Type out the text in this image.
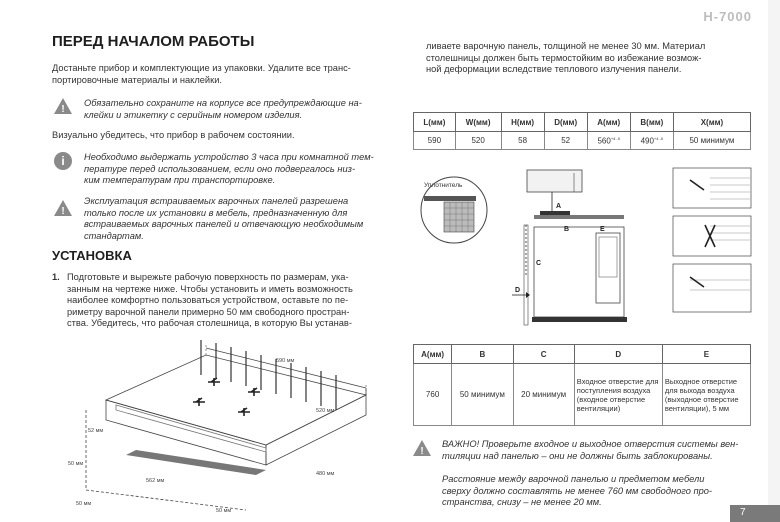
H-7000
ПЕРЕД НАЧАЛОМ РАБОТЫ
Достаньте прибор и комплектующие из упаковки. Удалите все транс-
портировочные материалы и наклейки.
!
Обязательно сохраните на корпусе все предупреждающие на-
клейки и этикетку с серийным номером изделия.
Визуально убедитесь, что прибор в рабочем состоянии.
i	Необходимо выдержать устройство 3 часа при комнатной тем-
пературе перед использованием, если оно подвергалось низ-
ким температурам при транспортировке.
!
Эксплуатация встраиваемых варочных панелей разрешена
только после их установки в мебель, предназначенную для
встраиваемых варочных панелей и отвечающую необходимым
стандартам.
УСТАНОВКА
1. Подготовьте и вырежьте рабочую поверхность по размерам, ука-
занным на чертеже ниже. Чтобы установить и иметь возможность
наиболее комфортно пользоваться устройством, оставьте по пе-
риметру варочной панели примерно 50 мм свободного простран-
ства. Убедитесь, что рабочая столешница, в которую Вы устанав-
590 мм
520 мм
480 мм
562 мм
50 мм
50 мм
50 мм
52 мм
ливаете варочную панель, толщиной не менее 30 мм. Материал
столешницы должен быть термостойким во избежание возмож-
ной деформации вследствие теплового излучения панели.
L(мм)	W(мм)	H(мм)	D(мм)	A(мм)	B(мм)	X(мм)
590	520	58	52	$560^{+4 -0}$	$490^{+4 -0}$	50 минимум
Уплотнитель
A
B
C
D
E
A(мм)	B	C	D	E
760	50 минимум	20 минимум	Входное отверстие для поступления воздуха (входное отверстие вентиляции)	Выходное отверстие для выхода воздуха (выходное отверстие вентиляции), 5 мм
!
ВАЖНО! Проверьте входное и выходное отверстия системы вен-
тиляции над панелью – они не должны быть заблокированы.
Расстояние между варочной панелью и предметом мебели
сверху должно составлять не менее 760 мм свободного про-
странства, снизу – не менее 20 мм.
7
